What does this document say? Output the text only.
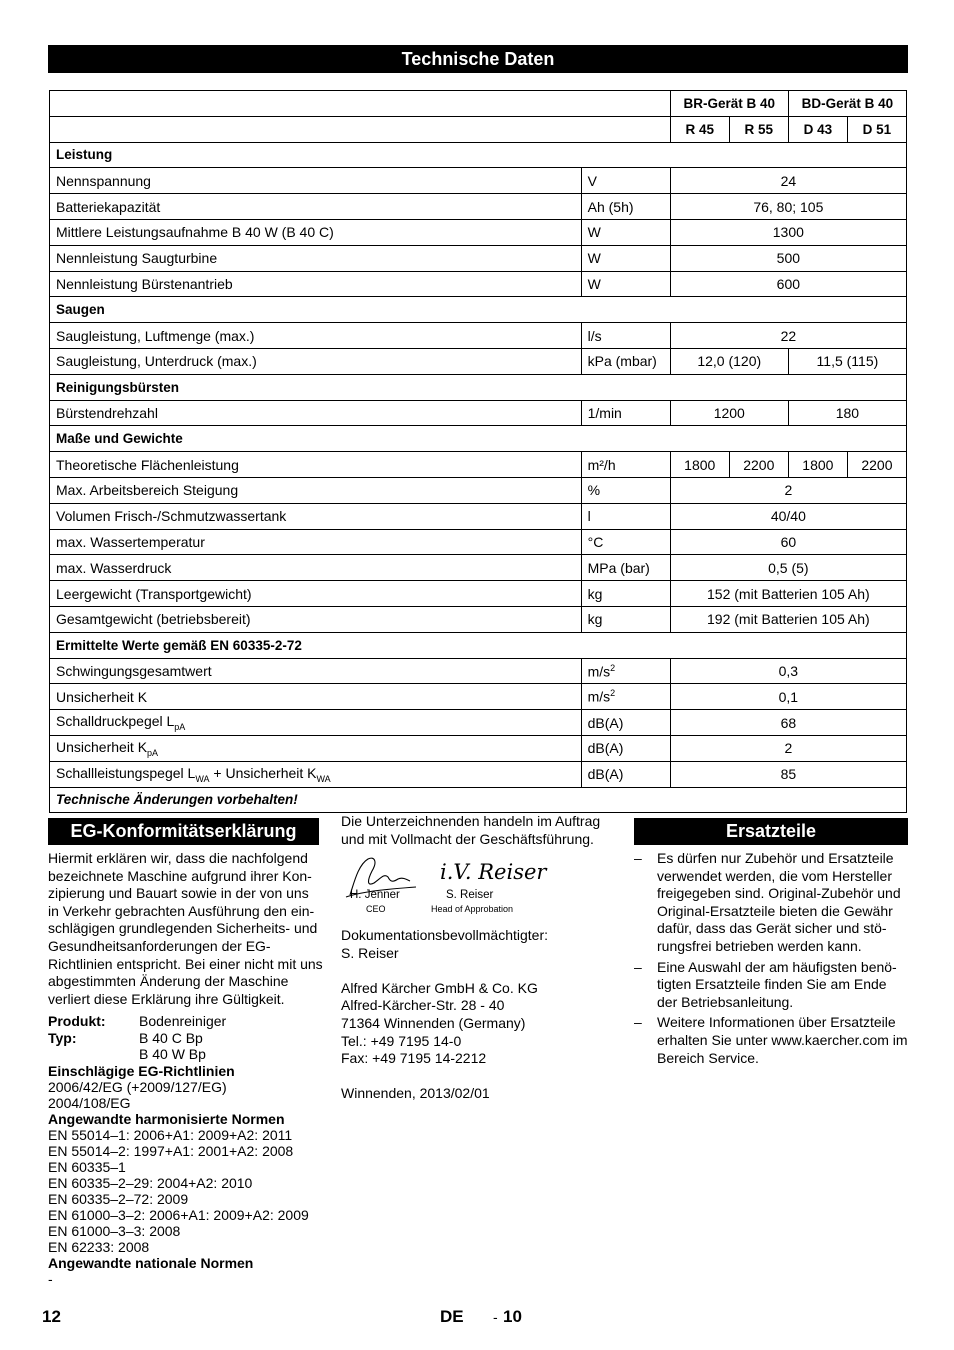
Technische Daten
		BR-Gerät B 40		BD-Gerät B 40	
		R 45	R 55	D 43	D 51
Leistung					
Nennspannung	V	24			
Batteriekapazität	Ah (5h)	76, 80; 105			
Mittlere Leistungsaufnahme B 40 W (B 40 C)	W	1300			
Nennleistung Saugturbine	W	500			
Nennleistung Bürstenantrieb	W	600			
Saugen					
Saugleistung, Luftmenge (max.)	l/s	22			
Saugleistung, Unterdruck (max.)	kPa (mbar)	12,0 (120)		11,5 (115)	
Reinigungsbürsten					
Bürstendrehzahl	1/min	1200		180	
Maße und Gewichte					
Theoretische Flächenleistung	m²/h	1800	2200	1800	2200
Max. Arbeitsbereich Steigung	%	2			
Volumen Frisch-/Schmutzwassertank	l	40/40			
max. Wassertemperatur	°C	60			
max. Wasserdruck	MPa (bar)	0,5 (5)			
Leergewicht (Transportgewicht)	kg	152 (mit Batterien 105 Ah)			
Gesamtgewicht (betriebsbereit)	kg	192 (mit Batterien 105 Ah)			
Ermittelte Werte gemäß EN 60335-2-72					
Schwingungsgesamtwert	$m/s^2$	0,3			
Unsicherheit K	$m/s^2$	0,1			
Schalldruckpegel $L_{pA}$	dB(A)	68			
Unsicherheit $K_{pA}$	dB(A)	2			
Schallleistungspegel $L_{WA}$ + Unsicherheit $K_{WA}$	dB(A)	85			
Technische Änderungen vorbehalten!					
EG-Konformitätserklärung

Hiermit erklären wir, dass die nachfolgend bezeichnete Maschine aufgrund ihrer Kon-zipierung und Bauart sowie in der von uns in Verkehr gebrachten Ausführung den ein-schlägigen grundlegenden Sicherheits- und Gesundheitsanforderungen der EG-Richtlinien entspricht. Bei einer nicht mit uns abgestimmten Änderung der Maschine verliert diese Erklärung ihre Gültigkeit.

Produkt:	Bodenreiniger
Typ:	B 40 C Bp
B 40 W Bp
Einschlägige EG-Richtlinien
2006/42/EG (+2009/127/EG)
2004/108/EG
Angewandte harmonisierte Normen
EN 55014–1: 2006+A1: 2009+A2: 2011
EN 55014–2: 1997+A1: 2001+A2: 2008
EN 60335–1
EN 60335–2–29: 2004+A2: 2010
EN 60335–2–72: 2009
EN 61000–3–2: 2006+A1: 2009+A2: 2009
EN 61000–3–3: 2008
EN 62233: 2008
Angewandte nationale Normen
-

Die Unterzeichnenden handeln im Auftrag und mit Vollmacht der Geschäftsführung.

H. Jenner
CEO
i.V. Reiser
S. Reiser
Head of Approbation
Dokumentationsbevollmächtigter:
S. Reiser
Alfred Kärcher GmbH & Co. KG
Alfred-Kärcher-Str. 28 - 40
71364 Winnenden (Germany)
Tel.: +49 7195 14-0
Fax: +49 7195 14-2212
Winnenden, 2013/02/01
Ersatzteile
– Es dürfen nur Zubehör und Ersatzteile verwendet werden, die vom Hersteller freigegeben sind. Original-Zubehör und Original-Ersatzteile bieten die Gewähr dafür, dass das Gerät sicher und stö-rungsfrei betrieben werden kann.
– Eine Auswahl der am häufigsten benö-tigten Ersatzteile finden Sie am Ende der Betriebsanleitung.
– Weitere Informationen über Ersatzteile erhalten Sie unter www.kaercher.com im Bereich Service.
12	DE - 10
